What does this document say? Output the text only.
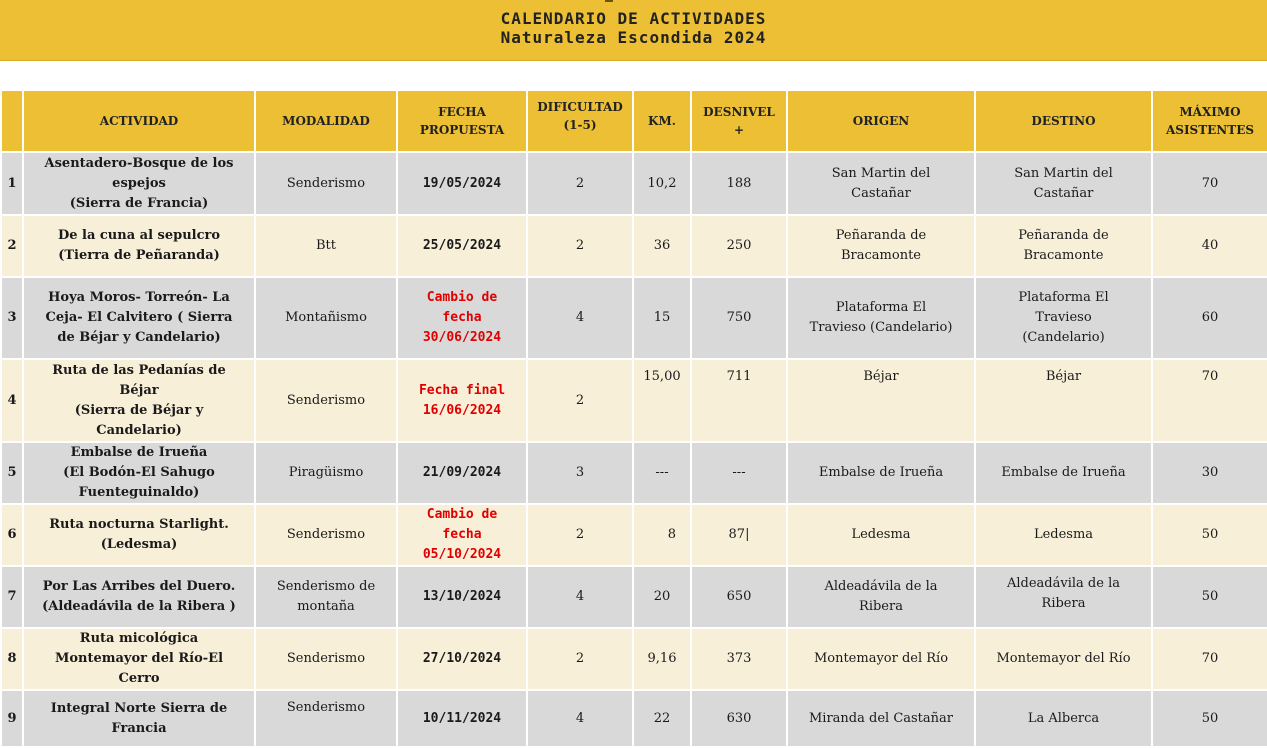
CALENDARIO DE ACTIVIDADES
Naturaleza Escondida 2024
	ACTIVIDAD	MODALIDAD	FECHA
PROPUESTA	DIFICULTAD
(1-5)	KM.	DESNIVEL
+	ORIGEN	DESTINO	MÁXIMO
ASISTENTES
1	Asentadero-Bosque de los
espejos
(Sierra de Francia)	Senderismo	19/05/2024	2	10,2	188	San Martin del
Castañar	San Martin del
Castañar	70
2	De la cuna al sepulcro
(Tierra de Peñaranda)	Btt	25/05/2024	2	36	250	Peñaranda de
Bracamonte	Peñaranda de
Bracamonte	40
3	Hoya Moros- Torreón- La
Ceja- El Calvitero ( Sierra
de Béjar y Candelario)	Montañismo	Cambio de
fecha
30/06/2024	4	15	750	Plataforma El
Travieso (Candelario)	Plataforma El
Travieso
(Candelario)	60
4	Ruta de las Pedanías de
Béjar
(Sierra de Béjar y
Candelario)	Senderismo	Fecha final
16/06/2024	2	15,00	711	Béjar	Béjar	70
5	Embalse de Irueña
(El Bodón-El Sahugo
Fuenteguinaldo)	Piragüismo	21/09/2024	3	---	---	Embalse de Irueña	Embalse de Irueña	30
6	Ruta nocturna Starlight.
(Ledesma)	Senderismo	Cambio de
fecha
05/10/2024	2	8	87|	Ledesma	Ledesma	50
7	Por Las Arribes del Duero.
(Aldeadávila de la Ribera )	Senderismo de
montaña	13/10/2024	4	20	650	Aldeadávila de la
Ribera	Aldeadávila de la
Ribera	50
8	Ruta micológica
Montemayor del Río-El
Cerro	Senderismo	27/10/2024	2	9,16	373	Montemayor del Río	Montemayor del Río	70
9	Integral Norte Sierra de
Francia	Senderismo	10/11/2024	4	22	630	Miranda del Castañar	La Alberca	50
